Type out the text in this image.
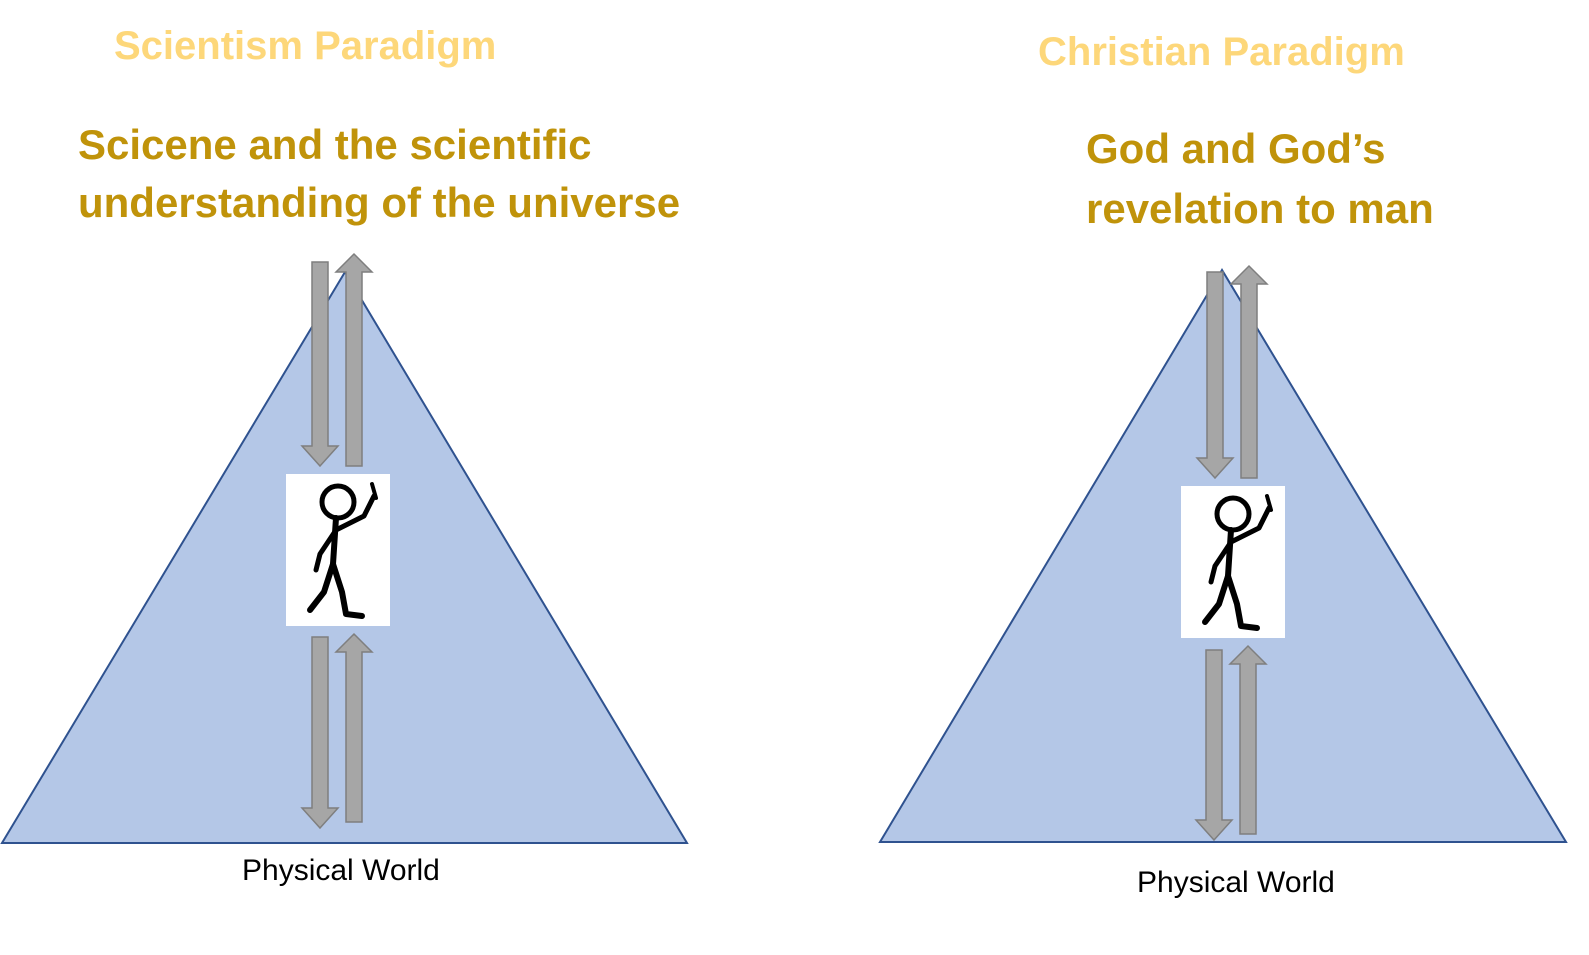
Scientism Paradigm
Scicene and the scientific
understanding of the universe
Physical World
Christian Paradigm
God and God’s
revelation to man
Physical World
